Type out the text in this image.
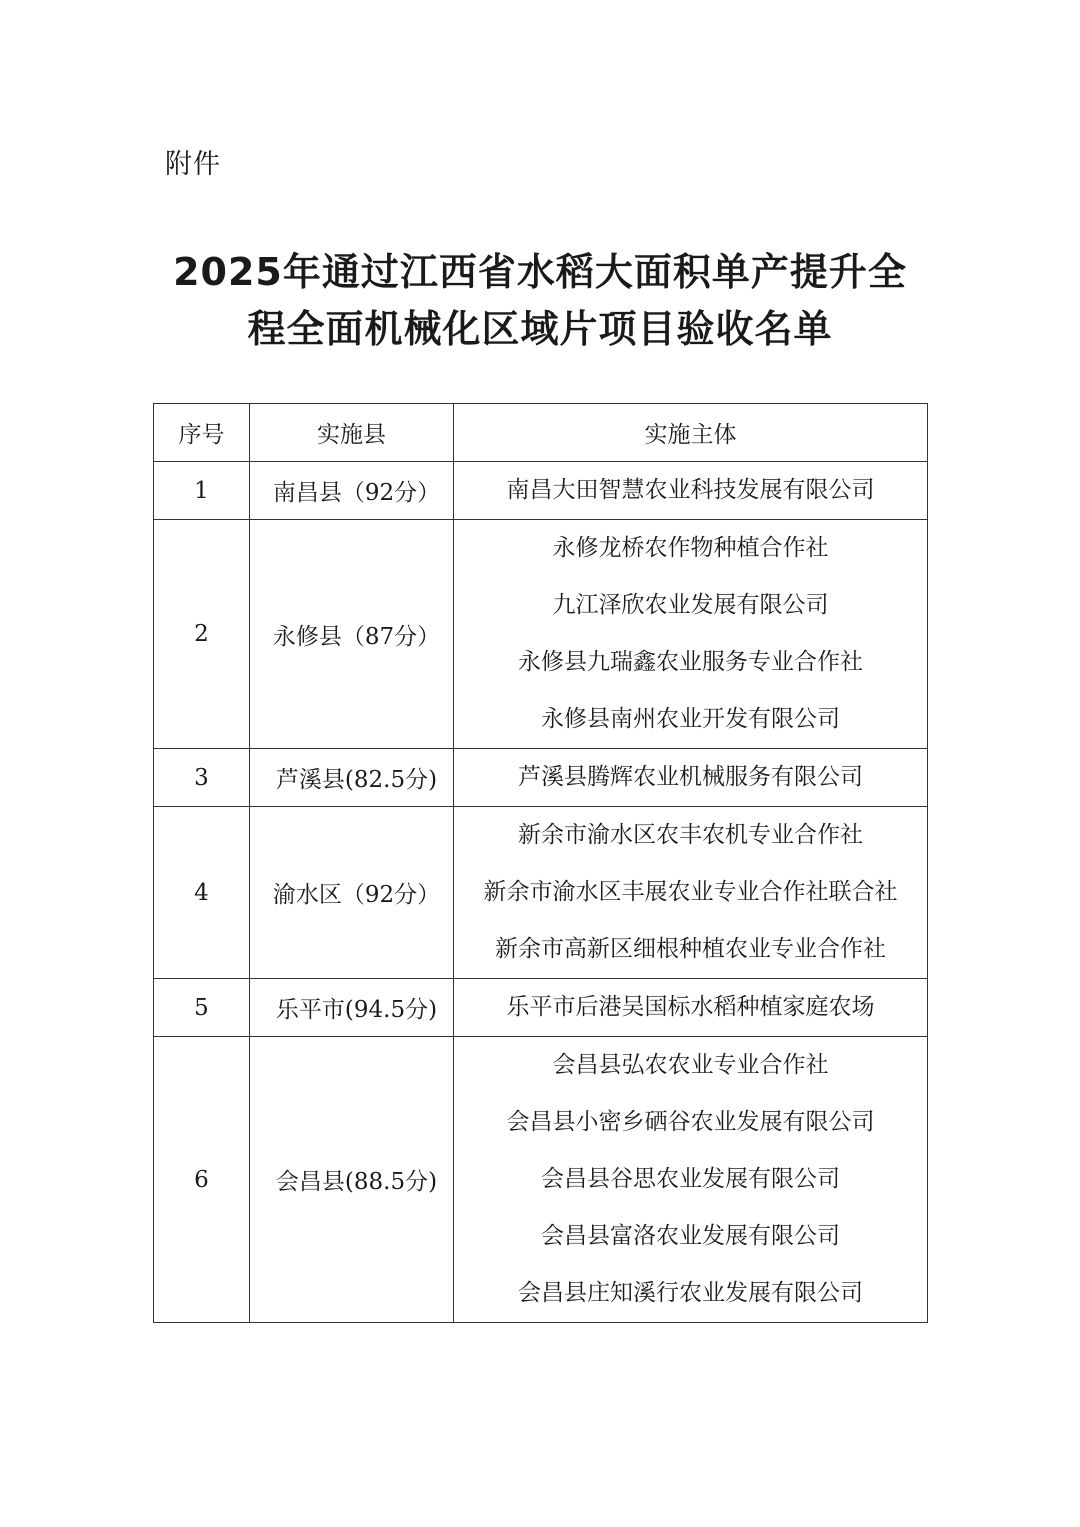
附件
2025年通过江西省水稻大面积单产提升全
程全面机械化区域片项目验收名单
序号	实施县	实施主体
1	南昌县（92分）	南昌大田智慧农业科技发展有限公司

2	永修县（87分）	永修龙桥农作物种植合作社
九江泽欣农业发展有限公司
永修县九瑞鑫农业服务专业合作社
永修县南州农业开发有限公司

3	芦溪县(82.5分)	芦溪县腾辉农业机械服务有限公司

4	渝水区（92分）	新余市渝水区农丰农机专业合作社
新余市渝水区丰展农业专业合作社联合社
新余市高新区细根种植农业专业合作社

5	乐平市(94.5分)	乐平市后港吴国标水稻种植家庭农场

6	会昌县(88.5分)	会昌县弘农农业专业合作社
会昌县小密乡硒谷农业发展有限公司
会昌县谷思农业发展有限公司
会昌县富洛农业发展有限公司
会昌县庄知溪行农业发展有限公司
